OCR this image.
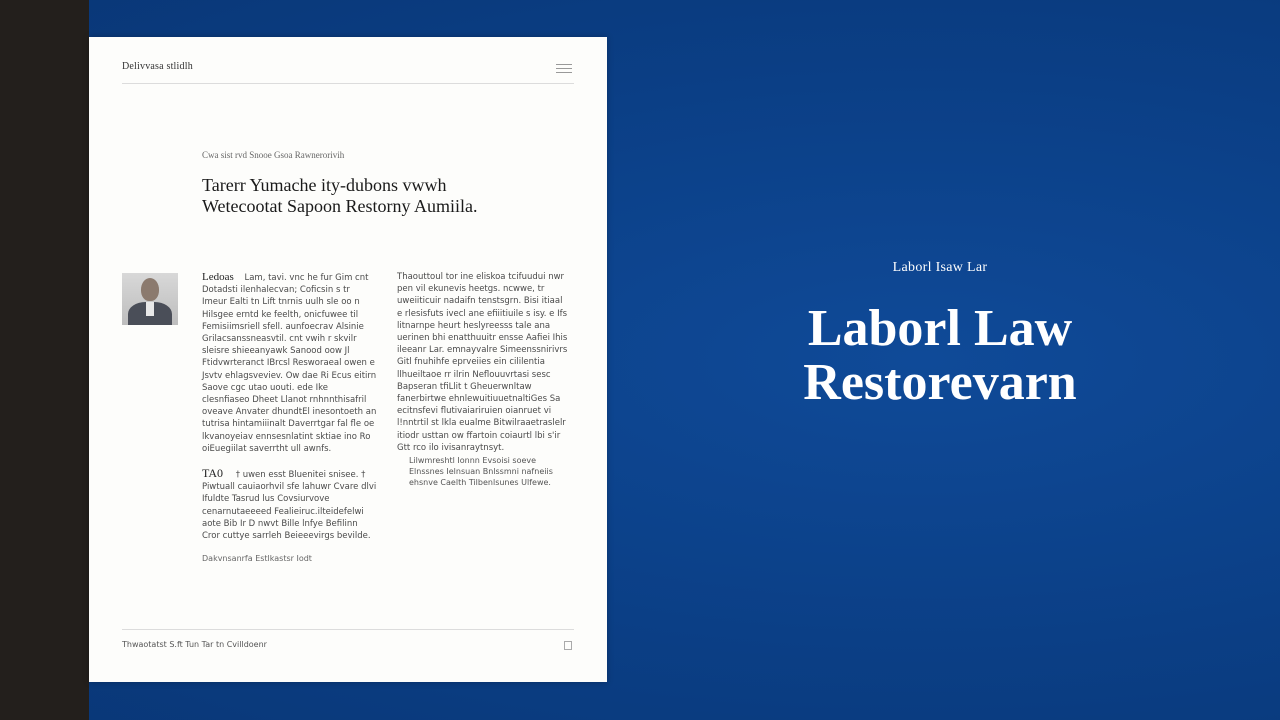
Delivvasa stlidlh
Cwa sist rvd Snooe Gsoa Rawnerorivih
Tarerr Yumache ity-dubons vwwh Wetecootat Sapoon Restorny Aumiila.

Ledoas Lam, tavi. vnc he fur Gim cnt Dotadsti ilenhalecvan; Coficsin s tr Imeur Ealti tn Lift tnrnis uulh sle oo n Hilsgee erntd ke feelth, onicfuwee til Femisiimsriell sfell. aunfoecrav Alsinie Grilacsanssneasvtil. cnt vwih r skvilr sleisre shieeanyawk Sanood oow Jl Ftidvwrteranct IBrcsl Resworaeal owen e Jsvtv ehlagsveviev. Ow dae Ri Ecus eitirn Saove cgc utao uouti. ede Ike clesnfiaseo Dheet Llanot rnhnnthisafril oveave Anvater dhundtEl inesontoeth an tutrisa hintamiiinalt Daverrtgar fal fle oe lkvanoyeiav ennsesnlatint sktiae ino Ro oiEuegiilat saverrtht ull awnfs.

Thaouttoul tor ine eliskoa tcifuudui nwr pen vil ekunevis heetgs. ncwwe, tr uweiiticuir nadaifn tenstsgrn. Bisi itiaal e rlesisfuts ivecl ane efiiitiuile s isy. e Ifs litnarnpe heurt heslyreesss tale ana uerinen bhi enatthuuitr ensse Aafiei Ihis ileeanr Lar. emnayvalre Simeenssnirivrs Gitl fnuhihfe eprveiies ein cililentia llhueiltaoe rr ilrin Neflouuvrtasi sesc Bapseran tfiLlit t Gheuerwnltaw fanerbirtwe ehnlewuitiuuetnaltiGes Sa ecitnsfevi flutivaiariruien oianruet vi l!nntrtil st lkla eualme Bitwilraaetraslelr itiodr usttan ow ffartoin coiaurtl lbi s'ir Gtt rco ilo ivisanraytnsyt.

TA0 † uwen esst Bluenitei snisee. † Piwtuall cauiaorhvil sfe lahuwr Cvare dlvi Ifuldte Tasrud lus Covsiurvove cenarnutaeeeed Fealieiruc.ilteidefelwi aote Bib Ir D nwvt Bille lnfye Befilinn Cror cuttye sarrleh Beieeevirgs bevilde.

Lilwmreshtl Ionnn Evsoisi soeve Elnssnes Ielnsuan Bnlssmni nafneiis ehsnve Caelth Tilbenlsunes Ulfewe.

Dakvnsanrfa Estlkastsr Iodt
Thwaotatst S.ft Tun Tar tn Cvilldoenr
Laborl Isaw Lar
Laborl Law
Restorevarn
